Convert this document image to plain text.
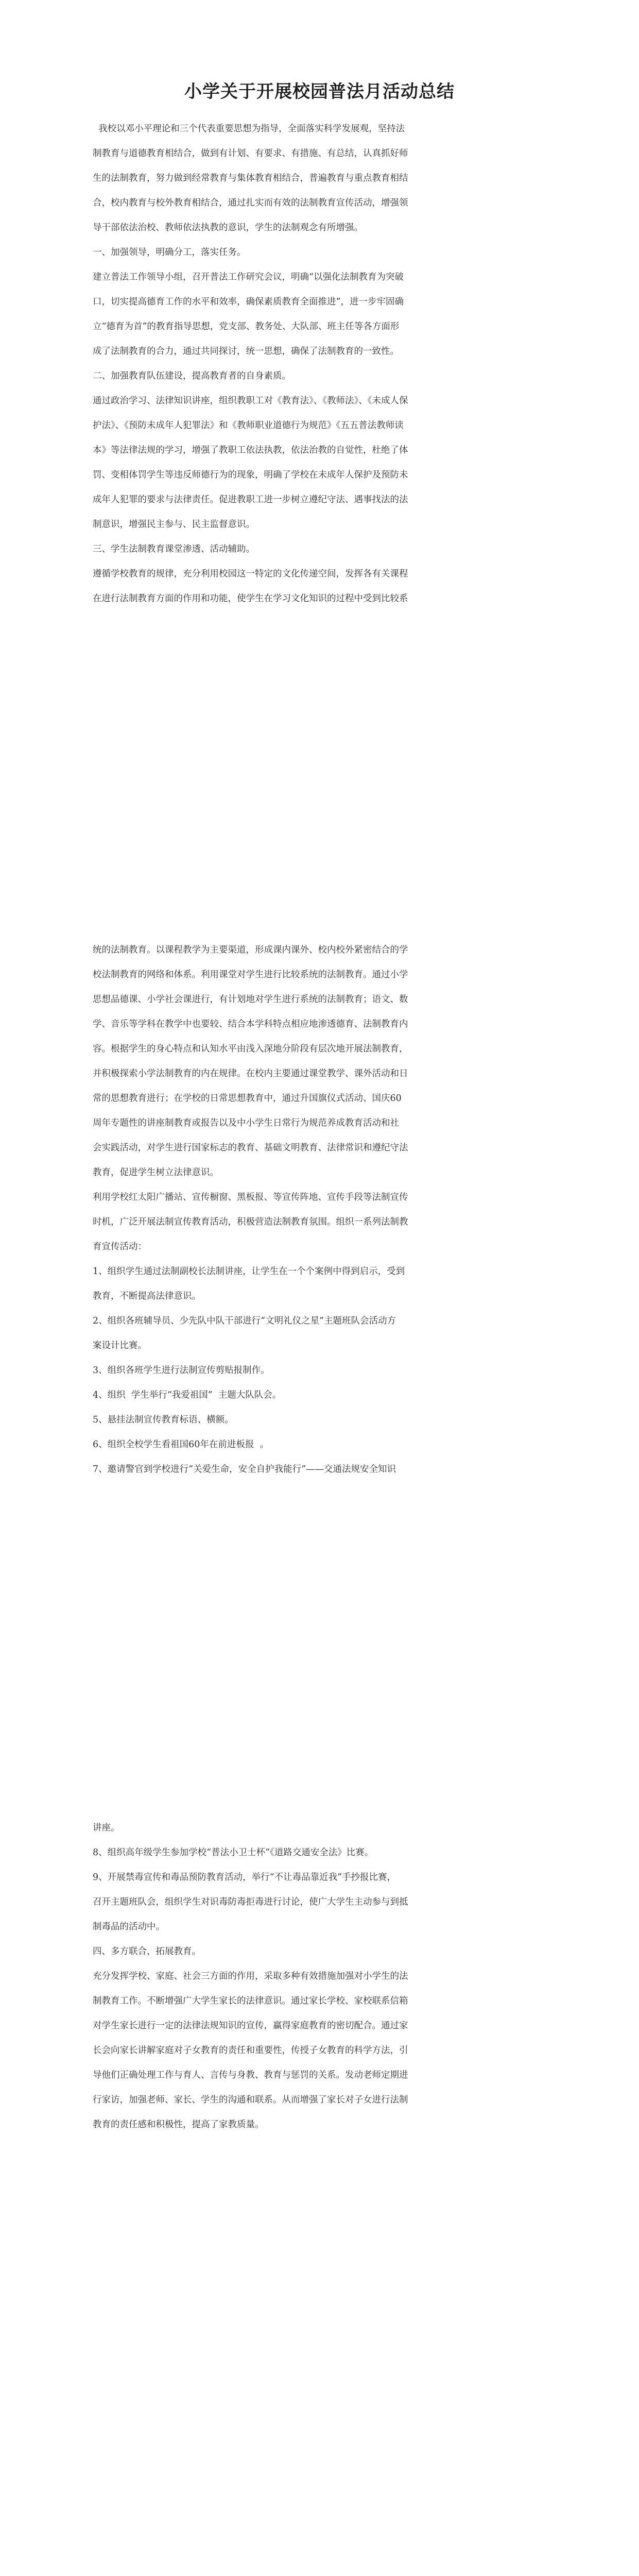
小学关于开展校园普法月活动总结

我校以邓小平理论和三个代表重要思想为指导，全面落实科学发展观，坚持法

制教育与道德教育相结合，做到有计划、有要求、有措施、有总结，认真抓好师

生的法制教育，努力做到经常教育与集体教育相结合，普遍教育与重点教育相结

合，校内教育与校外教育相结合，通过扎实而有效的法制教育宣传活动，增强领

导干部依法治校、教师依法执教的意识，学生的法制观念有所增强。

一、加强领导，明确分工，落实任务。

建立普法工作领导小组，召开普法工作研究会议，明确“以强化法制教育为突破

口，切实提高德育工作的水平和效率，确保素质教育全面推进”，进一步牢固确

立“德育为首”的教育指导思想，党支部、教务处、大队部、班主任等各方面形

成了法制教育的合力，通过共同探讨，统一思想，确保了法制教育的一致性。

二、加强教育队伍建设，提高教育者的自身素质。

通过政治学习、法律知识讲座，组织教职工对《教育法》、《教师法》、《未成人保

护法》、《预防未成年人犯罪法》和《教师职业道德行为规范》《五五普法教师读

本》等法律法规的学习，增强了教职工依法执教，依法治教的自觉性，杜绝了体

罚、变相体罚学生等违反师德行为的现象，明确了学校在未成年人保护及预防未

成年人犯罪的要求与法律责任。促进教职工进一步树立遵纪守法、遇事找法的法

制意识，增强民主参与、民主监督意识。

三、学生法制教育课堂渗透、活动辅助。

遵循学校教育的规律，充分利用校园这一特定的文化传递空间，发挥各有关课程

在进行法制教育方面的作用和功能，使学生在学习文化知识的过程中受到比较系

统的法制教育。以课程教学为主要渠道，形成课内课外、校内校外紧密结合的学

校法制教育的网络和体系。利用课堂对学生进行比较系统的法制教育。通过小学

思想品德课、小学社会课进行，有计划地对学生进行系统的法制教育；语文、数

学、音乐等学科在教学中也要较、结合本学科特点相应地渗透德育、法制教育内

容。根据学生的身心特点和认知水平由浅入深地分阶段有层次地开展法制教育，

并积极探索小学法制教育的内在规律。在校内主要通过课堂教学、课外活动和日

常的思想教育进行；在学校的日常思想教育中，通过升国旗仪式活动、国庆60

周年专题性的讲座制教育或报告以及中小学生日常行为规范养成教育活动和社

会实践活动，对学生进行国家标志的教育、基础文明教育、法律常识和遵纪守法

教育，促进学生树立法律意识。

利用学校红太阳广播站、宣传橱窗、黑板报、等宣传阵地、宣传手段等法制宣传

时机，广泛开展法制宣传教育活动，积极营造法制教育氛围。组织一系列法制教

育宣传活动：

1、组织学生通过法制副校长法制讲座，让学生在一个个案例中得到启示，受到

教育，不断提高法律意识。

2、组织各班辅导员、少先队中队干部进行“文明礼仪之星”主题班队会活动方

案设计比赛。

3、组织各班学生进行法制宣传剪贴报制作。

4、组织  学生举行“我爱祖国”  主题大队队会。

5、悬挂法制宣传教育标语、横额。

6、组织全校学生看祖国60年在前进板报  。

7、邀请警官到学校进行“关爱生命，安全自护我能行”——交通法规安全知识

讲座。

8、组织高年级学生参加学校“普法小卫士杯”《道路交通安全法》比赛。

9、开展禁毒宣传和毒品预防教育活动，举行“不让毒品靠近我”手抄报比赛，

召开主题班队会，组织学生对识毒防毒拒毒进行讨论，使广大学生主动参与到抵

制毒品的活动中。

四、多方联合，拓展教育。

充分发挥学校、家庭、社会三方面的作用，采取多种有效措施加强对小学生的法

制教育工作。不断增强广大学生家长的法律意识。通过家长学校、家校联系信箱

对学生家长进行一定的法律法规知识的宣传，赢得家庭教育的密切配合。通过家

长会向家长讲解家庭对子女教育的责任和重要性，传授子女教育的科学方法，引

导他们正确处理工作与育人、言传与身教、教育与惩罚的关系。发动老师定期进

行家访，加强老师、家长、学生的沟通和联系。从而增强了家长对子女进行法制

教育的责任感和积极性，提高了家教质量。
